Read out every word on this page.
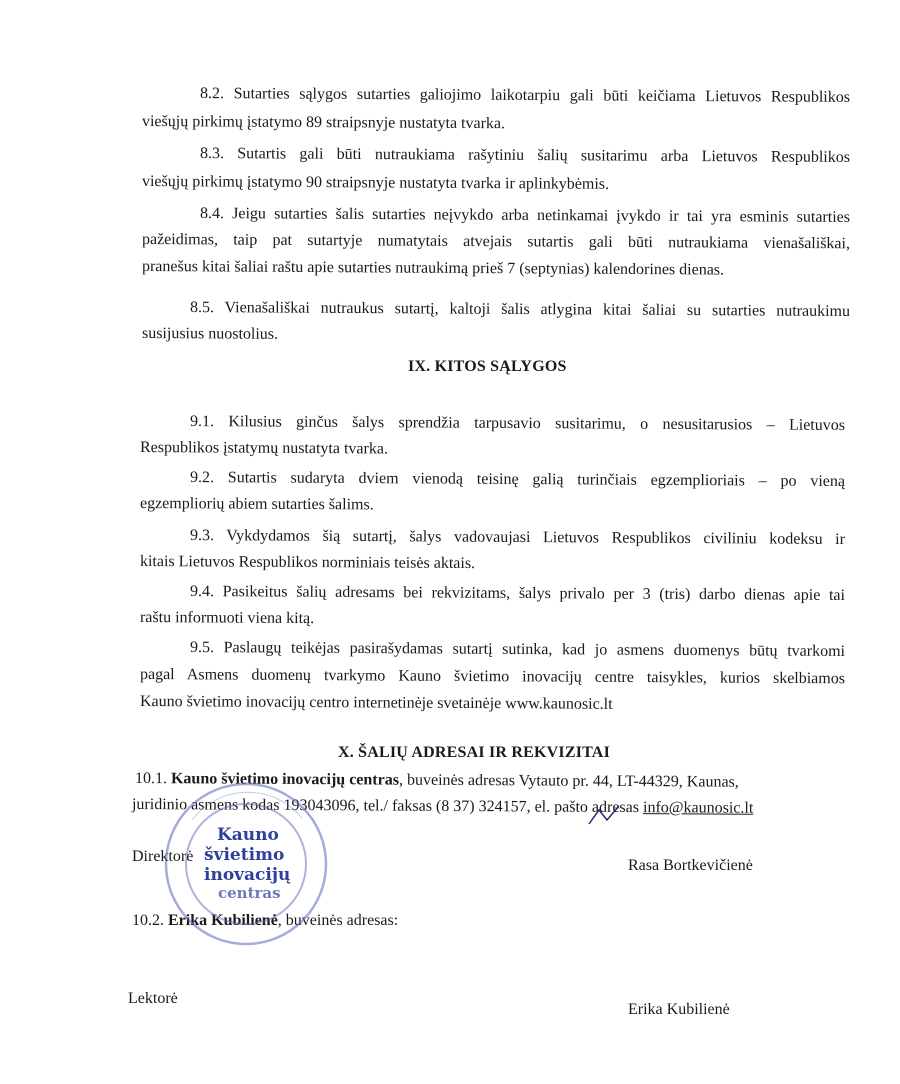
8.2. Sutarties sąlygos sutarties galiojimo laikotarpiu gali būti keičiama Lietuvos Respublikos
viešųjų pirkimų įstatymo 89 straipsnyje nustatyta tvarka.
8.3. Sutartis gali būti nutraukiama rašytiniu šalių susitarimu arba Lietuvos Respublikos
viešųjų pirkimų įstatymo 90 straipsnyje nustatyta tvarka ir aplinkybėmis.
8.4. Jeigu sutarties šalis sutarties neįvykdo arba netinkamai įvykdo ir tai yra esminis sutarties
pažeidimas, taip pat sutartyje numatytais atvejais sutartis gali būti nutraukiama vienašališkai,
pranešus kitai šaliai raštu apie sutarties nutraukimą prieš 7 (septynias) kalendorines dienas.
8.5. Vienašališkai nutraukus sutartį, kaltoji šalis atlygina kitai šaliai su sutarties nutraukimu
susijusius nuostolius.
IX. KITOS SĄLYGOS
9.1. Kilusius ginčus šalys sprendžia tarpusavio susitarimu, o nesusitarusios – Lietuvos
Respublikos įstatymų nustatyta tvarka.
9.2. Sutartis sudaryta dviem vienodą teisinę galią turinčiais egzemplioriais – po vieną
egzempliorių abiem sutarties šalims.
9.3. Vykdydamos šią sutartį, šalys vadovaujasi Lietuvos Respublikos civiliniu kodeksu ir
kitais Lietuvos Respublikos norminiais teisės aktais.
9.4. Pasikeitus šalių adresams bei rekvizitams, šalys privalo per 3 (tris) darbo dienas apie tai
raštu informuoti viena kitą.
9.5. Paslaugų teikėjas pasirašydamas sutartį sutinka, kad jo asmens duomenys būtų tvarkomi
pagal Asmens duomenų tvarkymo Kauno švietimo inovacijų centre taisykles, kurios skelbiamos
Kauno švietimo inovacijų centro internetinėje svetainėje www.kaunosic.lt
X. ŠALIŲ ADRESAI IR REKVIZITAI
10.1. Kauno švietimo inovacijų centras, buveinės adresas Vytauto pr. 44, LT-44329, Kaunas,
juridinio asmens kodas 193043096, tel./ faksas (8 37) 324157, el. pašto adresas info@kaunosic.lt
Direktorė
Rasa Bortkevičienė
10.2. Erika Kubilienė, buveinės adresas:
Lektorė
Erika Kubilienė
Kauno
švietimo
inovacijų
centras
